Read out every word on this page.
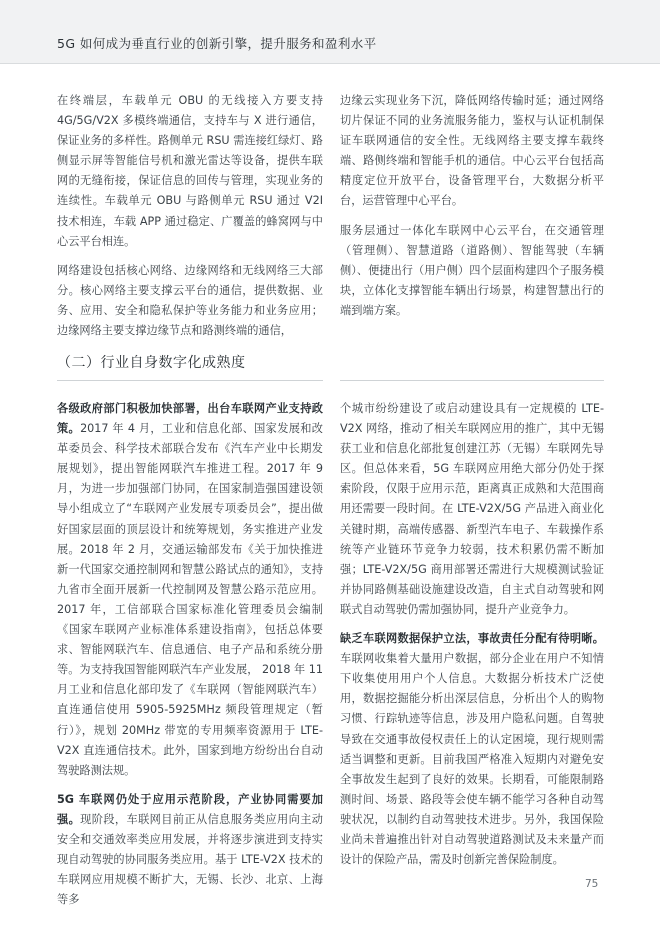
5G 如何成为垂直行业的创新引擎，提升服务和盈利水平

在终端层，车载单元 OBU 的无线接入方要支持 4G/5G/V2X 多模终端通信，支持车与 X 进行通信，保证业务的多样性。路侧单元 RSU 需连接红绿灯、路侧显示屏等智能信号机和激光雷达等设备，提供车联网的无缝衔接，保证信息的回传与管理，实现业务的连续性。车载单元 OBU 与路侧单元 RSU 通过 V2I 技术相连，车载 APP 通过稳定、广覆盖的蜂窝网与中心云平台相连。

网络建设包括核心网络、边缘网络和无线网络三大部分。核心网络主要支撑云平台的通信，提供数据、业务、应用、安全和隐私保护等业务能力和业务应用；边缘网络主要支撑边缘节点和路测终端的通信，

边缘云实现业务下沉，降低网络传输时延；通过网络切片保证不同的业务流服务能力，鉴权与认证机制保证车联网通信的安全性。无线网络主要支撑车载终端、路侧终端和智能手机的通信。中心云平台包括高精度定位开放平台，设备管理平台，大数据分析平台，运营管理中心平台。

服务层通过一体化车联网中心云平台，在交通管理（管理侧）、智慧道路（道路侧）、智能驾驶（车辆侧）、便捷出行（用户侧）四个层面构建四个子服务模块，立体化支撑智能车辆出行场景，构建智慧出行的端到端方案。

（二）行业自身数字化成熟度

各级政府部门积极加快部署，出台车联网产业支持政策。2017 年 4 月，工业和信息化部、国家发展和改革委员会、科学技术部联合发布《汽车产业中长期发展规划》，提出智能网联汽车推进工程。2017 年 9 月，为进一步加强部门协同，在国家制造强国建设领导小组成立了“车联网产业发展专项委员会”，提出做好国家层面的顶层设计和统筹规划，务实推进产业发展。2018 年 2 月，交通运输部发布《关于加快推进新一代国家交通控制网和智慧公路试点的通知》，支持九省市全面开展新一代控制网及智慧公路示范应用。2017 年，工信部联合国家标准化管理委员会编制《国家车联网产业标准体系建设指南》，包括总体要求、智能网联汽车、信息通信、电子产品和系统分册等。为支持我国智能网联汽车产业发展， 2018 年 11 月工业和信息化部印发了《车联网（智能网联汽车）直连通信使用 5905-5925MHz 频段管理规定（暂行）》，规划 20MHz 带宽的专用频率资源用于 LTE-V2X 直连通信技术。此外，国家到地方纷纷出台自动驾驶路测法规。

5G 车联网仍处于应用示范阶段，产业协同需要加强。现阶段，车联网目前正从信息服务类应用向主动安全和交通效率类应用发展，并将逐步演进到支持实现自动驾驶的协同服务类应用。基于 LTE-V2X 技术的车联网应用规模不断扩大，无锡、长沙、北京、上海等多

个城市纷纷建设了或启动建设具有一定规模的 LTE-V2X 网络，推动了相关车联网应用的推广，其中无锡获工业和信息化部批复创建江苏（无锡）车联网先导区。但总体来看，5G 车联网应用绝大部分仍处于探索阶段，仅限于应用示范，距离真正成熟和大范围商用还需要一段时间。在 LTE-V2X/5G 产品进入商业化关键时期，高端传感器、新型汽车电子、车载操作系统等产业链环节竞争力较弱，技术积累仍需不断加强；LTE-V2X/5G 商用部署还需进行大规模测试验证并协同路侧基础设施建设改造，自主式自动驾驶和网联式自动驾驶仍需加强协同，提升产业竞争力。

缺乏车联网数据保护立法，事故责任分配有待明晰。车联网收集着大量用户数据，部分企业在用户不知情下收集使用用户个人信息。大数据分析技术广泛使用，数据挖掘能分析出深层信息，分析出个人的购物习惯、行踪轨迹等信息，涉及用户隐私问题。自驾驶导致在交通事故侵权责任上的认定困境，现行规则需适当调整和更新。目前我国严格准入短期内对避免安全事故发生起到了良好的效果。长期看，可能限制路测时间、场景、路段等会使车辆不能学习各种自动驾驶状况，以制约自动驾驶技术进步。另外，我国保险业尚未普遍推出针对自动驾驶道路测试及未来量产而设计的保险产品，需及时创新完善保险制度。

75
